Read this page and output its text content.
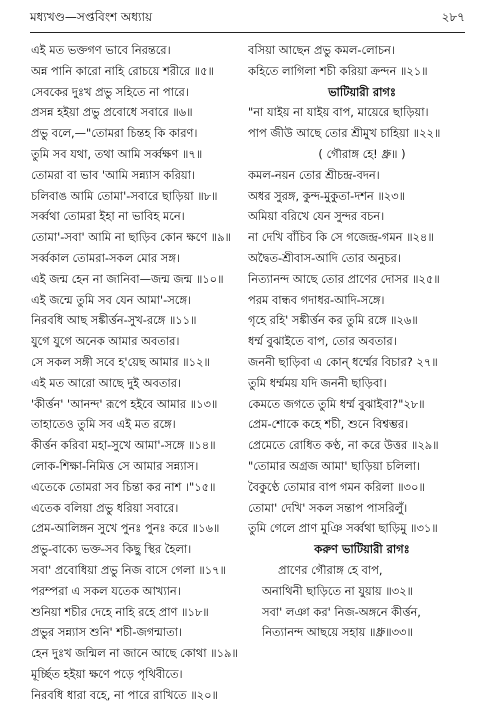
মধ্যখণ্ড—সপ্তবিংশ অধ্যায়	২৮৭
এই মত ভক্তগণ ভাবে নিরন্তরে।
অন্ন পানি কারো নাহি রোচয়ে শরীরে ॥৫॥
সেবকের দুঃখ প্রভু সহিতে না পারে।
প্রসন্ন হইয়া প্রভু প্রবোধে সবারে ॥৬॥
প্রভু বলে,—"তোমরা চিন্তহ কি কারণ।
তুমি সব যথা, তথা আমি সর্ব্বক্ষণ ॥৭॥
তোমরা বা ভাব 'আমি সন্ন্যাস করিয়া।
চলিবাঙ আমি তোমা'-সবারে ছাড়িয়া ॥৮॥
সর্ব্বথা তোমরা ইহা না ভাবিহ মনে।
তোমা'-সবা' আমি না ছাড়িব কোন ক্ষণে ॥৯॥
সর্ব্বকাল তোমরা-সকল মোর সঙ্গ।
এই জন্ম হেন না জানিবা—জন্ম জন্ম ॥১০॥
এই জন্মে তুমি সব যেন আমা'-সঙ্গে।
নিরবধি আছ সঙ্কীর্ত্তন-সুখ-রঙ্গে ॥১১॥
যুগে যুগে অনেক আমার অবতার।
সে সকল সঙ্গী সবে হ'য়েছ আমার ॥১২॥
এই মত আরো আছে দুই অবতার।
'কীর্ত্তন' 'আনন্দ' রূপে হইবে আমার ॥১৩॥
তাহাতেও তুমি সব এই মত রঙ্গে।
কীর্ত্তন করিবা মহা-সুখে আমা'-সঙ্গে ॥১৪॥
লোক-শিক্ষা-নিমিত্ত সে আমার সন্ন্যাস।
এতেকে তোমরা সব চিন্তা কর নাশ ।"১৫॥
এতেক বলিয়া প্রভু ধরিয়া সবারে।
প্রেম-আলিঙ্গন সুখে পুনঃ পুনঃ করে ॥১৬॥
প্রভু-বাক্যে ভক্ত-সব কিছু স্থির হৈলা।
সবা' প্রবোধিয়া প্রভু নিজ বাসে গেলা ॥১৭॥
পরম্পরা এ সকল যতেক আখ্যান।
শুনিয়া শচীর দেহে নাহি রহে প্রাণ ॥১৮॥
প্রভুর সন্ন্যাস শুনি' শচী-জগন্মাতা।
হেন দুঃখ জন্মিল না জানে আছে কোথা ॥১৯॥
মূর্চ্ছিত হইয়া ক্ষণে পড়ে পৃথিবীতে।
নিরবধি ধারা বহে, না পারে রাখিতে ॥২০॥
বসিয়া আছেন প্রভু কমল-লোচন।
কহিতে লাগিলা শচী করিয়া ক্রন্দন ॥২১॥
ভাটিয়ারী রাগঃ
"না যাইয় না যাইয় বাপ, মায়েরে ছাড়িয়া।
পাপ জীউ আছে তোর শ্রীমুখ চাহিয়া ॥২২॥
( গৌরাঙ্গ হে! ধ্রু॥ )
কমল-নয়ন তোর শ্রীচন্দ্র-বদন।
অধর সুরঙ্গ, কুন্দ-মুকুতা-দশন ॥২৩॥
অমিয়া বরিখে যেন সুন্দর বচন।
না দেখি বাঁচিব কি সে গজেন্দ্র-গমন ॥২৪॥
অদ্বৈত-শ্রীবাস-আদি তোর অনুচর।
নিত্যানন্দ আছে তোর প্রাণের দোসর ॥২৫॥
পরম বান্ধব গদাধর-আদি-সঙ্গে।
গৃহে রহি' সঙ্কীর্ত্তন কর তুমি রঙ্গে ॥২৬॥
ধর্ম্ম বুঝাইতে বাপ, তোর অবতার।
জননী ছাড়িবা এ কোন্ ধর্ম্মের বিচার? ২৭॥
তুমি ধর্ম্মময় যদি জননী ছাড়িবা।
কেমতে জগতে তুমি ধর্ম্ম বুঝাইবা?"২৮॥
প্রেম-শোকে কহে শচী, শুনে বিশ্বম্ভর।
প্রেমেতে রোধিত কণ্ঠ, না করে উত্তর ॥২৯॥
"তোমার অগ্রজ আমা' ছাড়িয়া চলিলা।
বৈকুণ্ঠে তোমার বাপ গমন করিলা ॥৩০॥
তোমা' দেখি' সকল সন্তাপ পাসরিলুঁ।
তুমি গেলে প্রাণ মুঞি সর্ব্বথা ছাড়িমু ॥৩১॥
করুণ ভাটিয়ারী রাগঃ
প্রাণের গৌরাঙ্গ হে বাপ,
অনাথিনী ছাড়িতে না যুয়ায় ॥৩২॥
সবা' লঞা কর' নিজ-অঙ্গনে কীর্ত্তন,
নিত্যানন্দ আছয়ে সহায় ॥ধ্রু॥৩৩॥
